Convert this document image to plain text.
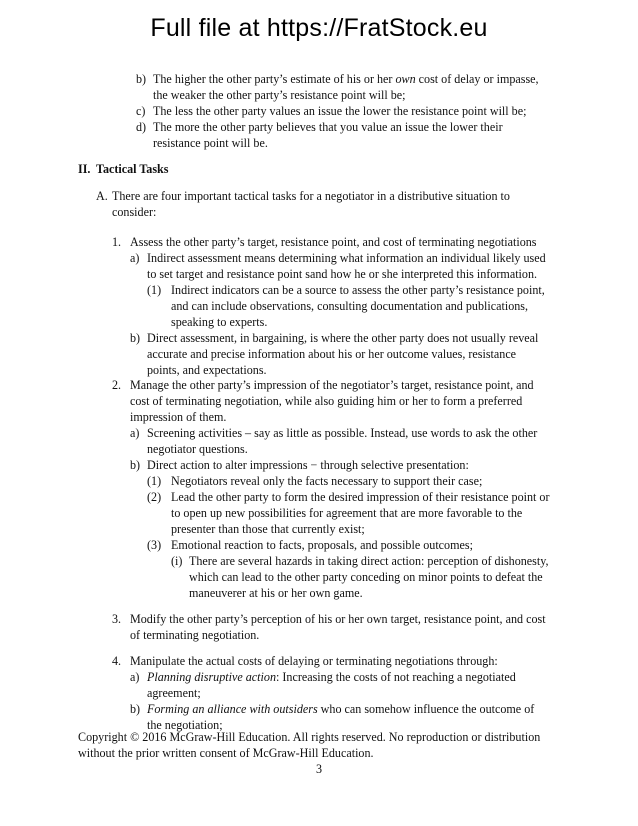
Full file at https://FratStock.eu
b) The higher the other party’s estimate of his or her own cost of delay or impasse,
the weaker the other party’s resistance point will be;
c) The less the other party values an issue the lower the resistance point will be;
d) The more the other party believes that you value an issue the lower their
resistance point will be.
II. Tactical Tasks
A. There are four important tactical tasks for a negotiator in a distributive situation to
consider:
1. Assess the other party’s target, resistance point, and cost of terminating negotiations
a) Indirect assessment means determining what information an individual likely used
to set target and resistance point sand how he or she interpreted this information.
(1) Indirect indicators can be a source to assess the other party’s resistance point,
and can include observations, consulting documentation and publications,
speaking to experts.
b) Direct assessment, in bargaining, is where the other party does not usually reveal
accurate and precise information about his or her outcome values, resistance
points, and expectations.
2. Manage the other party’s impression of the negotiator’s target, resistance point, and
cost of terminating negotiation, while also guiding him or her to form a preferred
impression of them.
a) Screening activities – say as little as possible. Instead, use words to ask the other
negotiator questions.
b) Direct action to alter impressions − through selective presentation:
(1) Negotiators reveal only the facts necessary to support their case;
(2) Lead the other party to form the desired impression of their resistance point or
to open up new possibilities for agreement that are more favorable to the
presenter than those that currently exist;
(3) Emotional reaction to facts, proposals, and possible outcomes;
(i) There are several hazards in taking direct action: perception of dishonesty,
which can lead to the other party conceding on minor points to defeat the
maneuverer at his or her own game.
3. Modify the other party’s perception of his or her own target, resistance point, and cost
of terminating negotiation.
4. Manipulate the actual costs of delaying or terminating negotiations through:
a) Planning disruptive action: Increasing the costs of not reaching a negotiated
agreement;
b) Forming an alliance with outsiders who can somehow influence the outcome of
the negotiation;
Copyright © 2016 McGraw-Hill Education. All rights reserved. No reproduction or distribution
without the prior written consent of McGraw-Hill Education.
3
